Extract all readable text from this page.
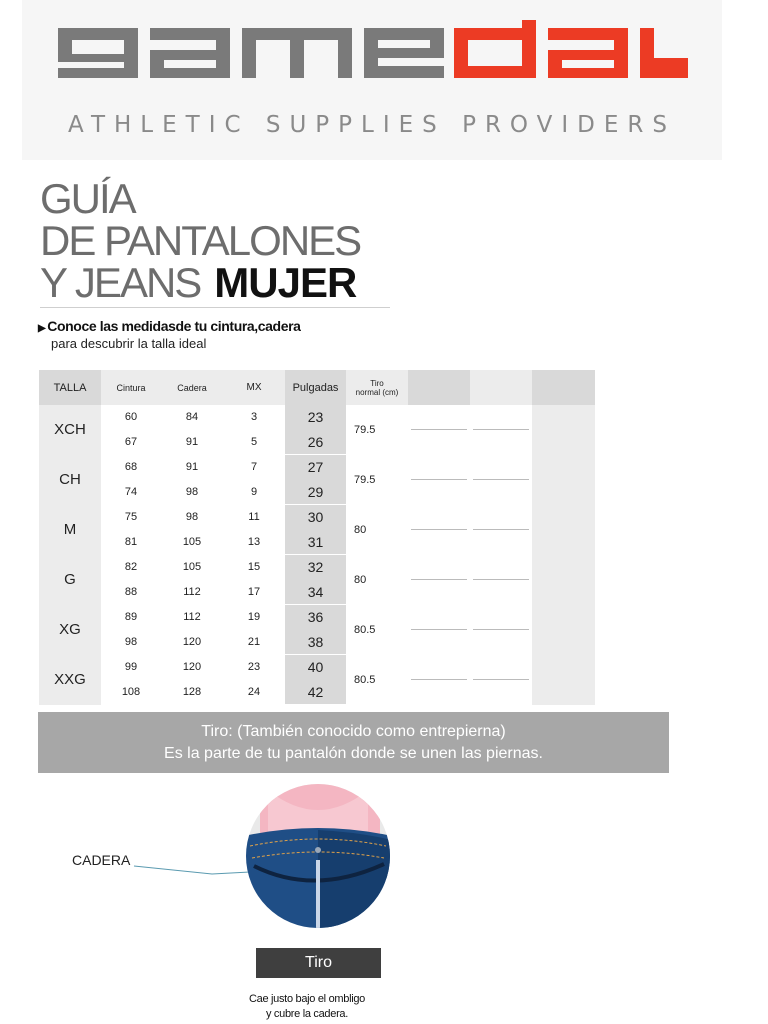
ATHLETIC SUPPLIES PROVIDERS
GUÍA
DE PANTALONES
Y JEANS MUJER
▶ Conoce las medidasde tu cintura,cadera
para descubrir la talla ideal
TALLA	Cintura	Cadera	MX	Pulgadas	Tiro
normal (cm)			

XCH	60	84	3	23	79.5	

	67	91	5	26				
CH	68	91	7	27	79.5	

	74	98	9	29				
M	75	98	11	30	80	

	81	105	13	31				
G	82	105	15	32	80	

	88	112	17	34				
XG	89	112	19	36	80.5	

	98	120	21	38				
XXG	99	120	23	40	80.5	

	108	128	24	42				
Tiro: (También conocido como entrepierna)
Es la parte de tu pantalón donde se unen las piernas.
CADERA
Tiro
Cae justo bajo el ombligo
y cubre la cadera.
